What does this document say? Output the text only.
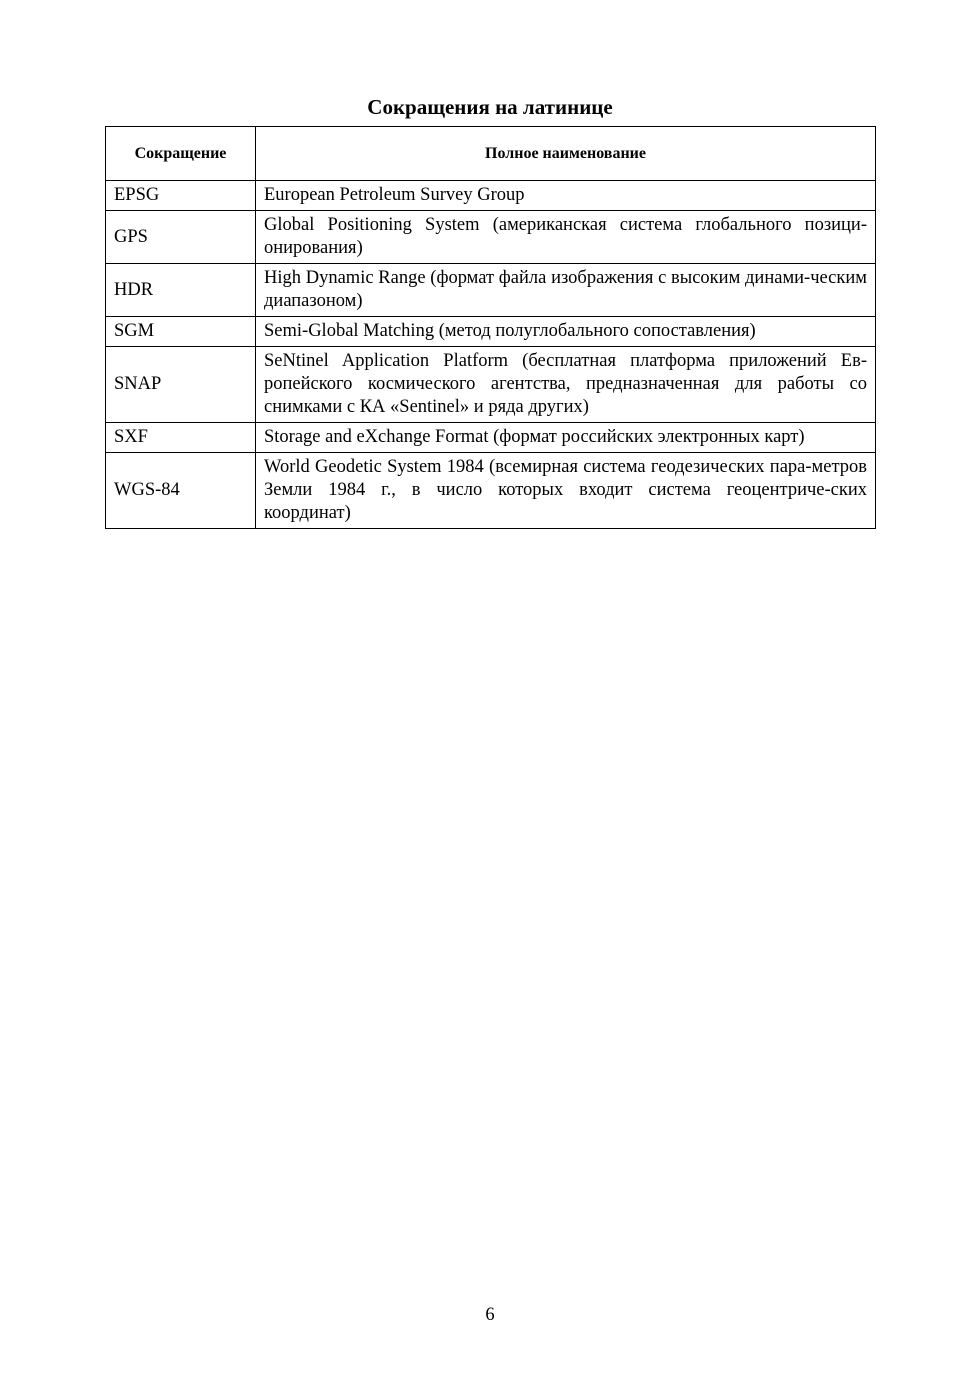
Сокращения на латинице
Сокращение	Полное наименование
EPSG	European Petroleum Survey Group
GPS	Global Positioning System (американская система глобального позици-онирования)
HDR	High Dynamic Range (формат файла изображения с высоким динами-ческим диапазоном)
SGM	Semi-Global Matching (метод полуглобального сопоставления)
SNAP	SeNtinel Application Platform (бесплатная платформа приложений Ев-ропейского космического агентства, предназначенная для работы со снимками с КА «Sentinel» и ряда других)
SXF	Storage and eXchange Format (формат российских электронных карт)
WGS-84	World Geodetic System 1984 (всемирная система геодезических пара-метров Земли 1984 г., в число которых входит система геоцентриче-ских координат)
6
